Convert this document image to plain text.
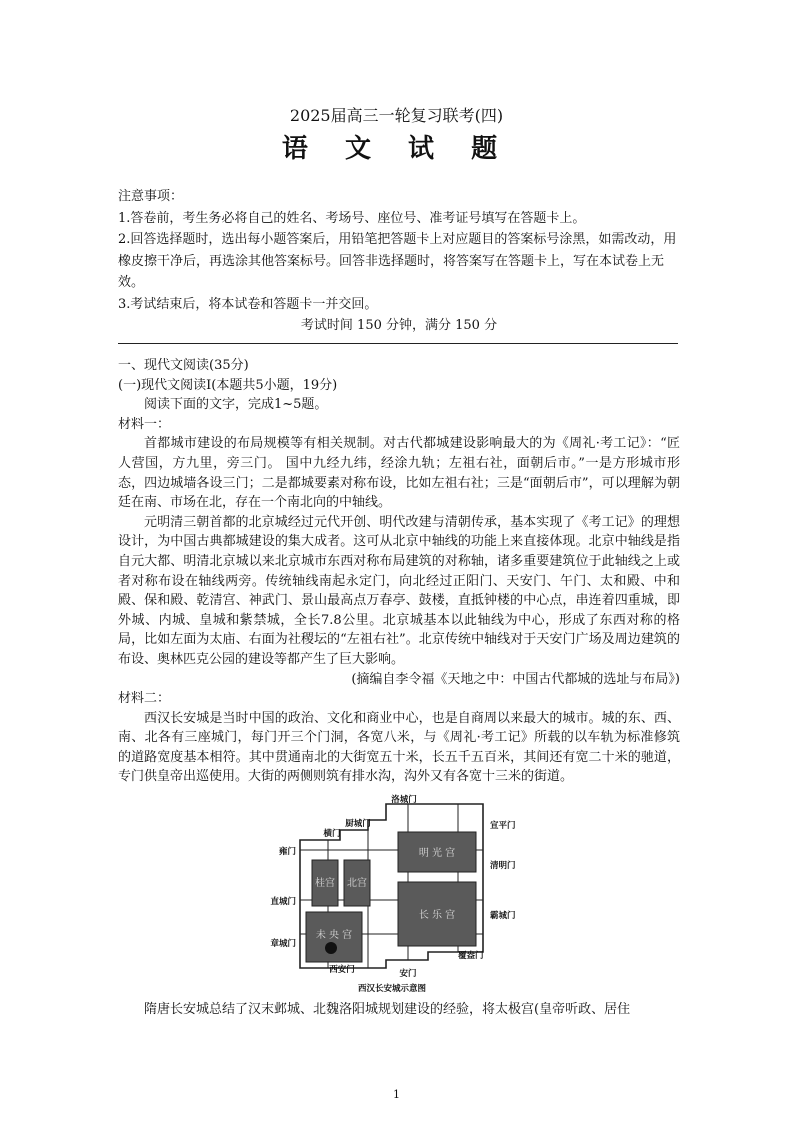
2025届高三一轮复习联考(四)
语 文 试 题

注意事项：

1.答卷前，考生务必将自己的姓名、考场号、座位号、准考证号填写在答题卡上。

2.回答选择题时，选出每小题答案后，用铅笔把答题卡上对应题目的答案标号涂黑，如需改动，用橡皮擦干净后，再选涂其他答案标号。回答非选择题时，将答案写在答题卡上，写在本试卷上无效。

3.考试结束后，将本试卷和答题卡一并交回。

考试时间 150 分钟，满分 150 分

一、现代文阅读(35分)

(一)现代文阅读Ⅰ(本题共5小题，19分)

阅读下面的文字，完成1~5题。

材料一：

首都城市建设的布局规模等有相关规制。对古代都城建设影响最大的为《周礼·考工记》：“匠人营国，方九里，旁三门。 国中九经九纬，经涂九轨；左祖右社，面朝后市。”一是方形城市形态，四边城墙各设三门；二是都城要素对称布设，比如左祖右社；三是“面朝后市”，可以理解为朝廷在南、市场在北，存在一个南北向的中轴线。

元明清三朝首都的北京城经过元代开创、明代改建与清朝传承，基本实现了《考工记》的理想设计，为中国古典都城建设的集大成者。这可从北京中轴线的功能上来直接体现。北京中轴线是指自元大都、明清北京城以来北京城市东西对称布局建筑的对称轴，诸多重要建筑位于此轴线之上或者对称布设在轴线两旁。传统轴线南起永定门，向北经过正阳门、天安门、午门、太和殿、中和殿、保和殿、乾清宫、神武门、景山最高点万春亭、鼓楼，直抵钟楼的中心点，串连着四重城，即外城、内城、皇城和紫禁城，全长7.8公里。北京城基本以此轴线为中心，形成了东西对称的格局，比如左面为太庙、右面为社稷坛的“左祖右社”。北京传统中轴线对于天安门广场及周边建筑的布设、奥林匹克公园的建设等都产生了巨大影响。

(摘编自李令福《天地之中：中国古代都城的选址与布局》)

材料二：

西汉长安城是当时中国的政治、文化和商业中心，也是自商周以来最大的城市。城的东、西、南、北各有三座城门，每门开三个门洞，各宽八米，与《周礼·考工记》所载的以车轨为标准修筑的道路宽度基本相符。其中贯通南北的大街宽五十米，长五千五百米，其间还有宽二十米的驰道，专门供皇帝出巡使用。大街的两侧则筑有排水沟，沟外又有各宽十三米的街道。

明 光 宫
桂宫 北宫
长 乐 宫
未 央 宫
洛城门
厨城门
横门
宣平门
雍门
清明门
直城门
霸城门
章城门
覆盎门
西安门	安门
西汉长安城示意图

隋唐长安城总结了汉末邺城、北魏洛阳城规划建设的经验，将太极宫(皇帝听政、居住

1
